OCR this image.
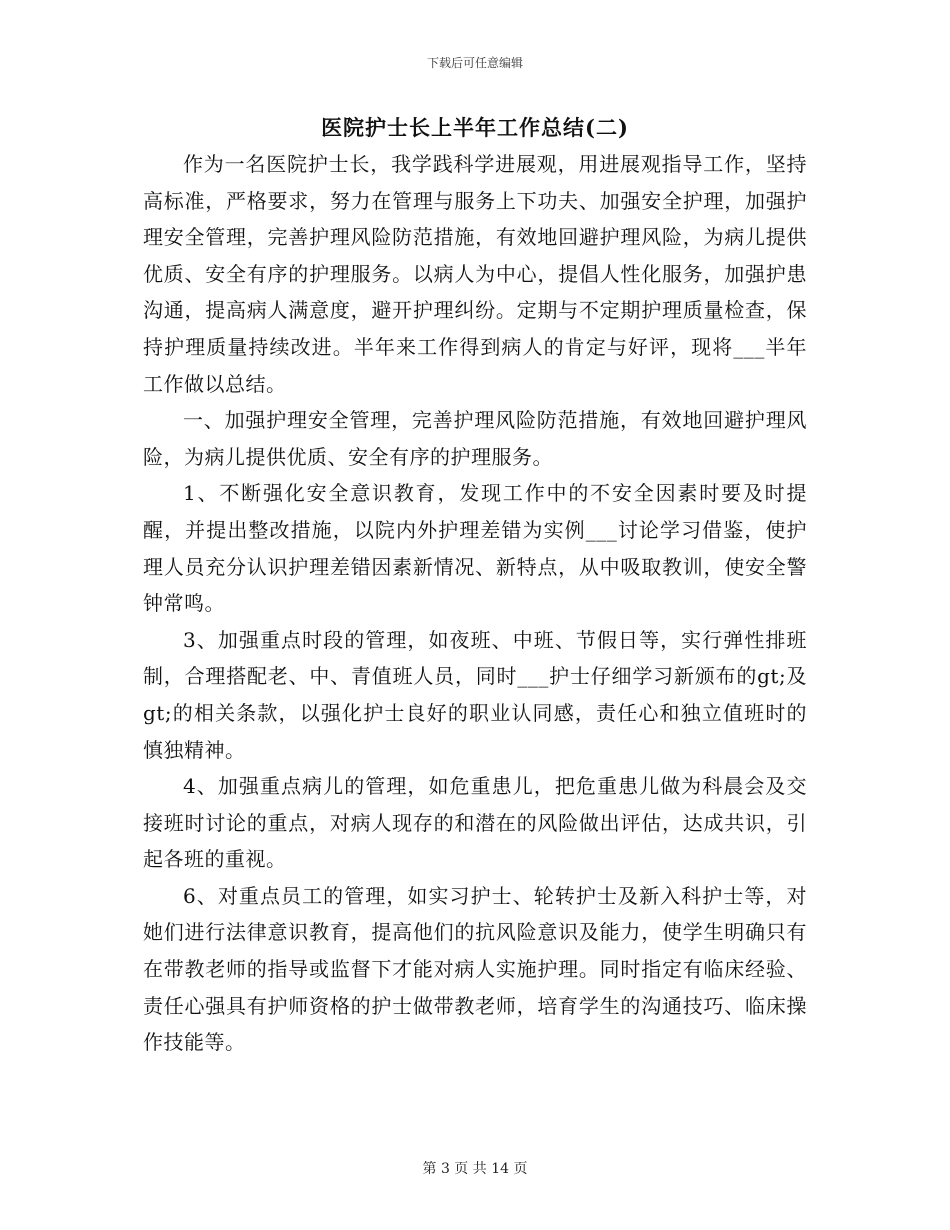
下载后可任意编辑
医院护士长上半年工作总结(二)

作为一名医院护士长，我学践科学进展观，用进展观指导工作，坚持高标准，严格要求，努力在管理与服务上下功夫、加强安全护理，加强护理安全管理，完善护理风险防范措施，有效地回避护理风险，为病儿提供优质、安全有序的护理服务。以病人为中心，提倡人性化服务，加强护患沟通，提高病人满意度，避开护理纠纷。定期与不定期护理质量检查，保持护理质量持续改进。半年来工作得到病人的肯定与好评，现将___半年工作做以总结。

一、加强护理安全管理，完善护理风险防范措施，有效地回避护理风险，为病儿提供优质、安全有序的护理服务。

1、不断强化安全意识教育，发现工作中的不安全因素时要及时提醒，并提出整改措施，以院内外护理差错为实例___讨论学习借鉴，使护理人员充分认识护理差错因素新情况、新特点，从中吸取教训，使安全警钟常鸣。

3、加强重点时段的管理，如夜班、中班、节假日等，实行弹性排班制，合理搭配老、中、青值班人员，同时___护士仔细学习新颁布的gt;及gt;的相关条款，以强化护士良好的职业认同感，责任心和独立值班时的慎独精神。

4、加强重点病儿的管理，如危重患儿，把危重患儿做为科晨会及交接班时讨论的重点，对病人现存的和潜在的风险做出评估，达成共识，引起各班的重视。

6、对重点员工的管理，如实习护士、轮转护士及新入科护士等，对她们进行法律意识教育，提高他们的抗风险意识及能力，使学生明确只有在带教老师的指导或监督下才能对病人实施护理。同时指定有临床经验、责任心强具有护师资格的护士做带教老师，培育学生的沟通技巧、临床操作技能等。

第 3 页 共 14 页
